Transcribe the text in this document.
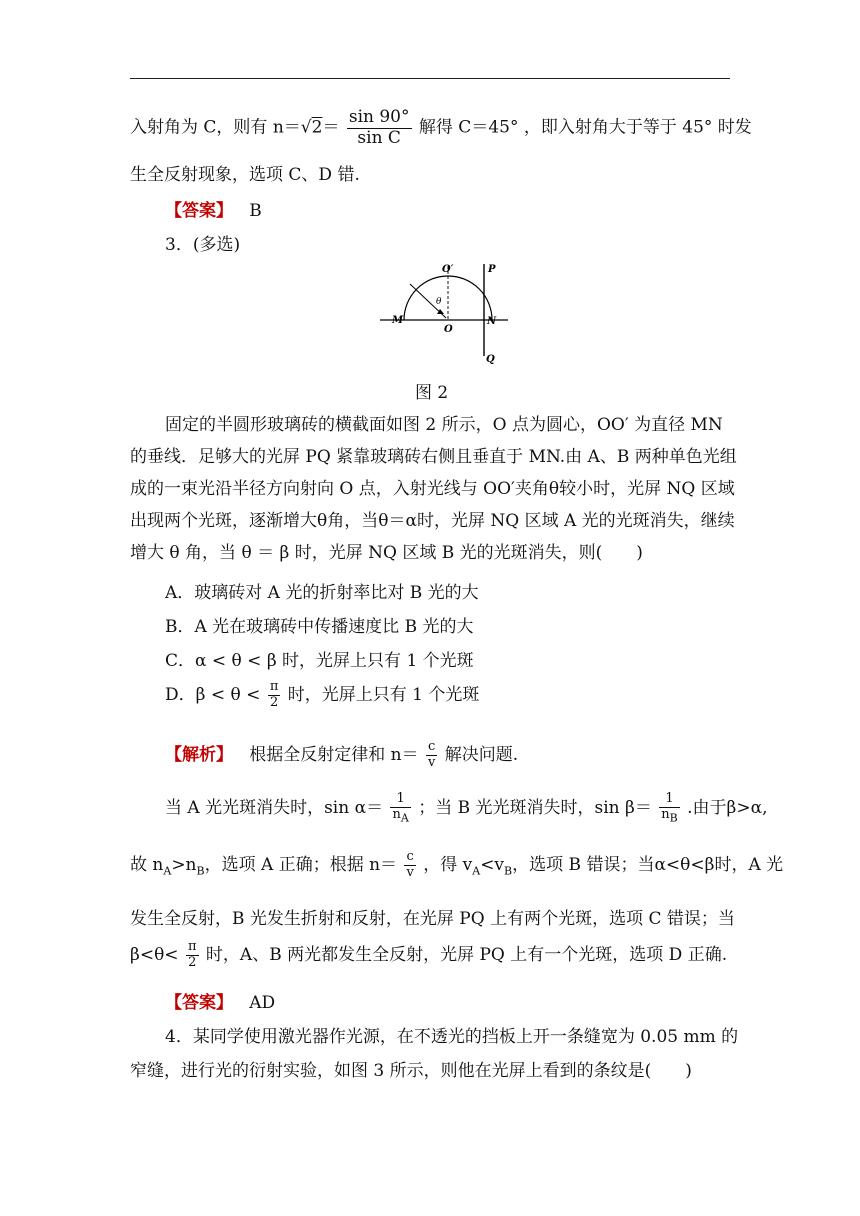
入射角为 C，则有 $n=√2= \frac{\sin 90^\circ}{\text{sin C}}$ 解得 C＝45° ，即入射角大于等于 45° 时发
生全反射现象，选项 C、D 错.
【答案】 B
3．(多选)
O′	P
θ
M
O
N
Q
图 2
固定的半圆形玻璃砖的横截面如图 2 所示，O 点为圆心，OO′ 为直径 MN
的垂线．足够大的光屏 PQ 紧靠玻璃砖右侧且垂直于 MN.由 A、B 两种单色光组
成的一束光沿半径方向射向 O 点，入射光线与 OO′夹角θ较小时，光屏 NQ 区域
出现两个光斑，逐渐增大θ角，当θ＝α时，光屏 NQ 区域 A 光的光斑消失，继续
增大 θ 角，当 θ ＝ β 时，光屏 NQ 区域 B 光的光斑消失，则(　　)
A．玻璃砖对 A 光的折射率比对 B 光的大
B．A 光在玻璃砖中传播速度比 B 光的大
C．α < θ < β 时，光屏上只有 1 个光斑
D．$\beta < \theta < \frac{\pi}{2}$ 时，光屏上只有 1 个光斑
【解析】 根据全反射定律和 $n= \frac{c}{v}$ 解决问题.
当 A 光光斑消失时，$\sin \alpha= \frac{1}{n_A}$ ；当 B 光光斑消失时，$\sin \beta= \frac{1}{n_B}$ .由于β>α,
故 $n_A>n_B$，选项 A 正确；根据 $n= \frac{c}{v}$ ，得 $v_A<v_B$，选项 B 错误；当α<θ<β时，A 光
发生全反射，B 光发生折射和反射，在光屏 PQ 上有两个光斑，选项 C 错误；当
$\beta<\theta< \frac{\pi}{2}$ 时，A、B 两光都发生全反射，光屏 PQ 上有一个光斑，选项 D 正确.
【答案】 AD
4．某同学使用激光器作光源，在不透光的挡板上开一条缝宽为 0.05 mm 的
窄缝，进行光的衍射实验，如图 3 所示，则他在光屏上看到的条纹是(　　)
